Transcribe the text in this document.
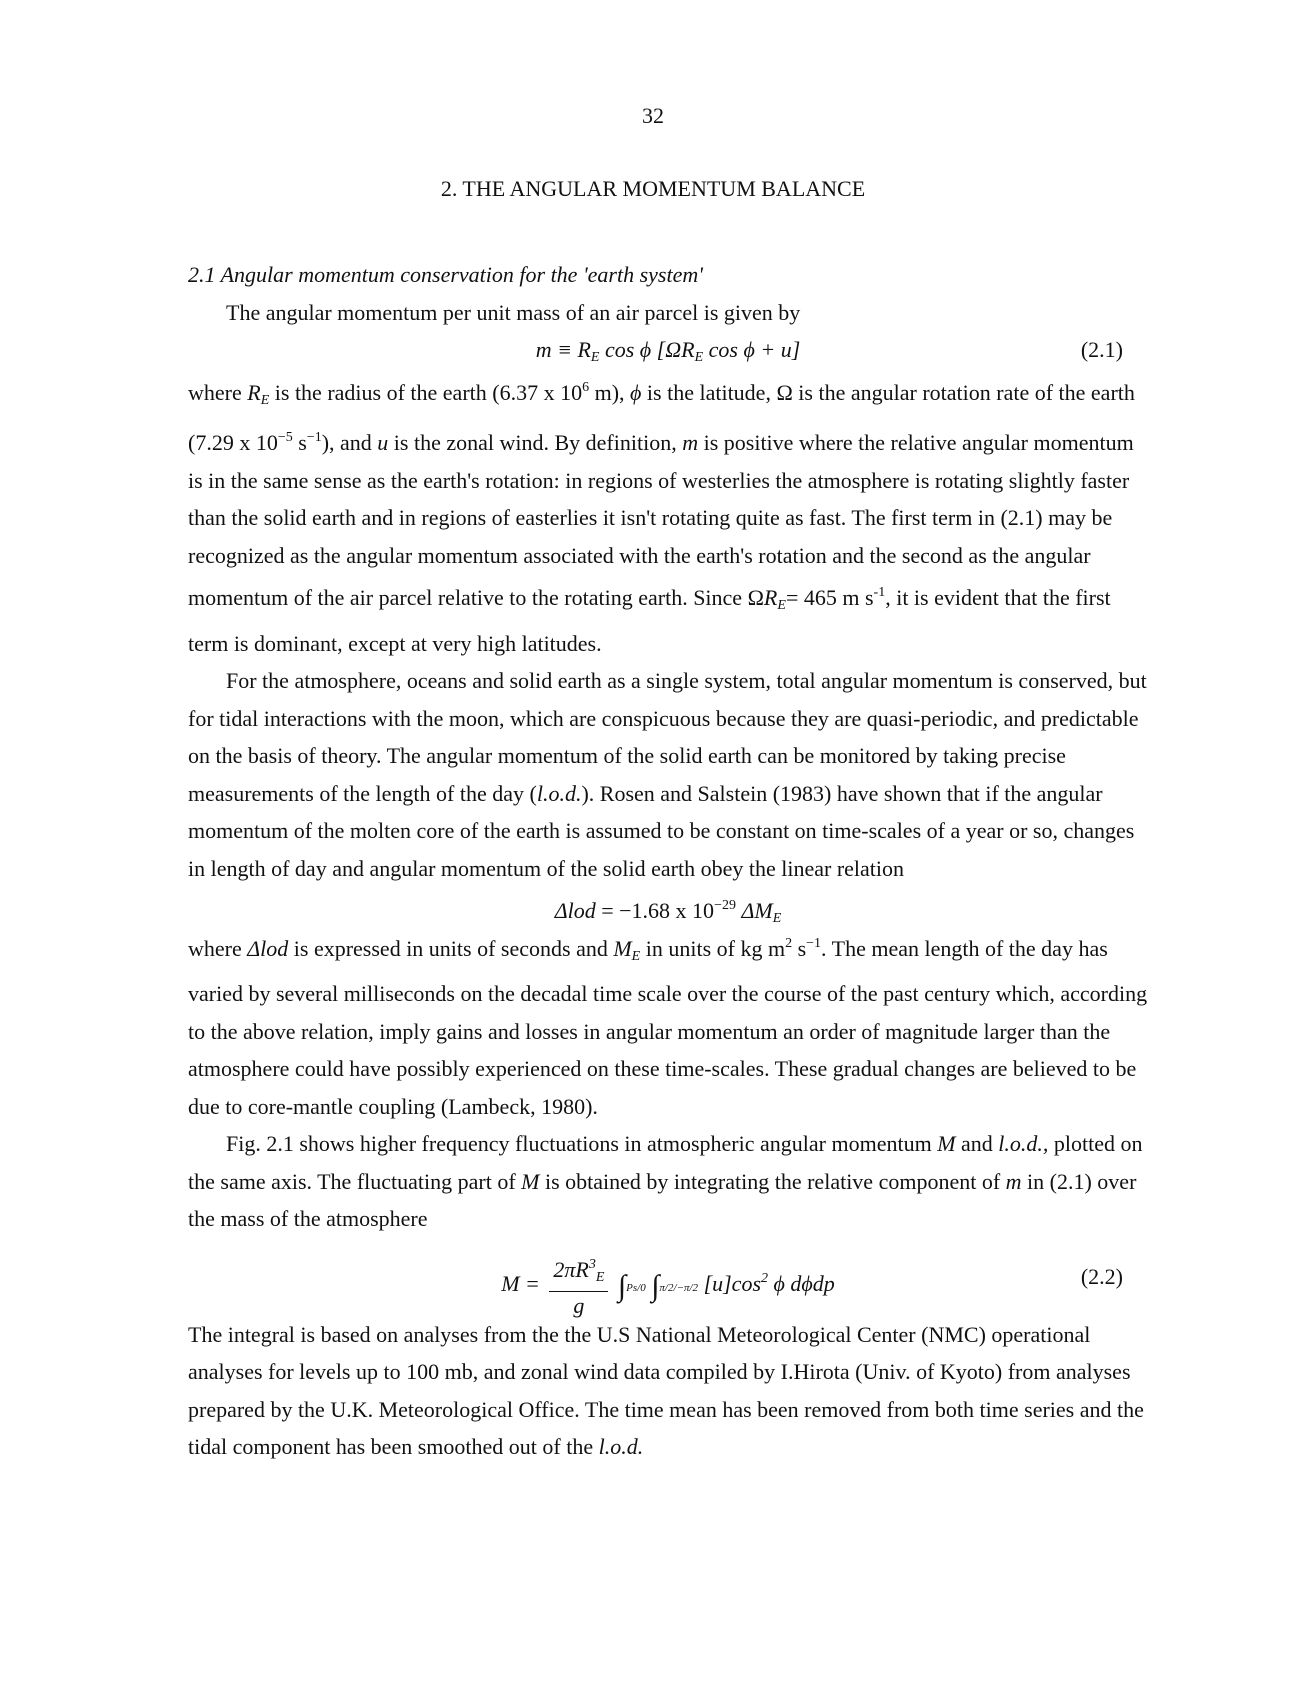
32
2. THE ANGULAR MOMENTUM BALANCE
2.1 Angular momentum conservation for the 'earth system'

The angular momentum per unit mass of an air parcel is given by

$m \equiv R_E$ cos ϕ [$\Omega R_E$ cos ϕ + u]	(2.1)

where $R_E$ is the radius of the earth (6.37 x $10^6$ m), ϕ is the latitude, Ω is the angular rotation rate of the earth (7.29 x $10^{-5}$ $s^{-1}$), and u is the zonal wind. By definition, m is positive where the relative angular momentum is in the same sense as the earth's rotation: in regions of westerlies the atmosphere is rotating slightly faster than the solid earth and in regions of easterlies it isn't rotating quite as fast. The first term in (2.1) may be recognized as the angular momentum associated with the earth's rotation and the second as the angular momentum of the air parcel relative to the rotating earth. Since $\Omega R_E= 465$ m $s^{-1}$, it is evident that the first term is dominant, except at very high latitudes.

For the atmosphere, oceans and solid earth as a single system, total angular momentum is conserved, but for tidal interactions with the moon, which are conspicuous because they are quasi-periodic, and predictable on the basis of theory. The angular momentum of the solid earth can be monitored by taking precise measurements of the length of the day (l.o.d.). Rosen and Salstein (1983) have shown that if the angular momentum of the molten core of the earth is assumed to be constant on time-scales of a year or so, changes in length of day and angular momentum of the solid earth obey the linear relation

Δlod = −1.68 x $10^{-29}$ $\Delta M_E$

where Δlod is expressed in units of seconds and $M_E$ in units of kg $m^2$ $s^{-1}$. The mean length of the day has varied by several milliseconds on the decadal time scale over the course of the past century which, according to the above relation, imply gains and losses in angular momentum an order of magnitude larger than the atmosphere could have possibly experienced on these time-scales. These gradual changes are believed to be due to core-mantle coupling (Lambeck, 1980).

Fig. 2.1 shows higher frequency fluctuations in atmospheric angular momentum M and l.o.d., plotted on the same axis. The fluctuating part of M is obtained by integrating the relative component of m in (2.1) over the mass of the atmosphere

$M = \frac{2\pi R^3_E}{g} \int Ps/0$ ∫π/2/−π/2 $[u]\cos^2$ ϕ dϕdp	(2.2)

The integral is based on analyses from the the U.S National Meteorological Center (NMC) operational analyses for levels up to 100 mb, and zonal wind data compiled by I.Hirota (Univ. of Kyoto) from analyses prepared by the U.K. Meteorological Office. The time mean has been removed from both time series and the tidal component has been smoothed out of the l.o.d.
